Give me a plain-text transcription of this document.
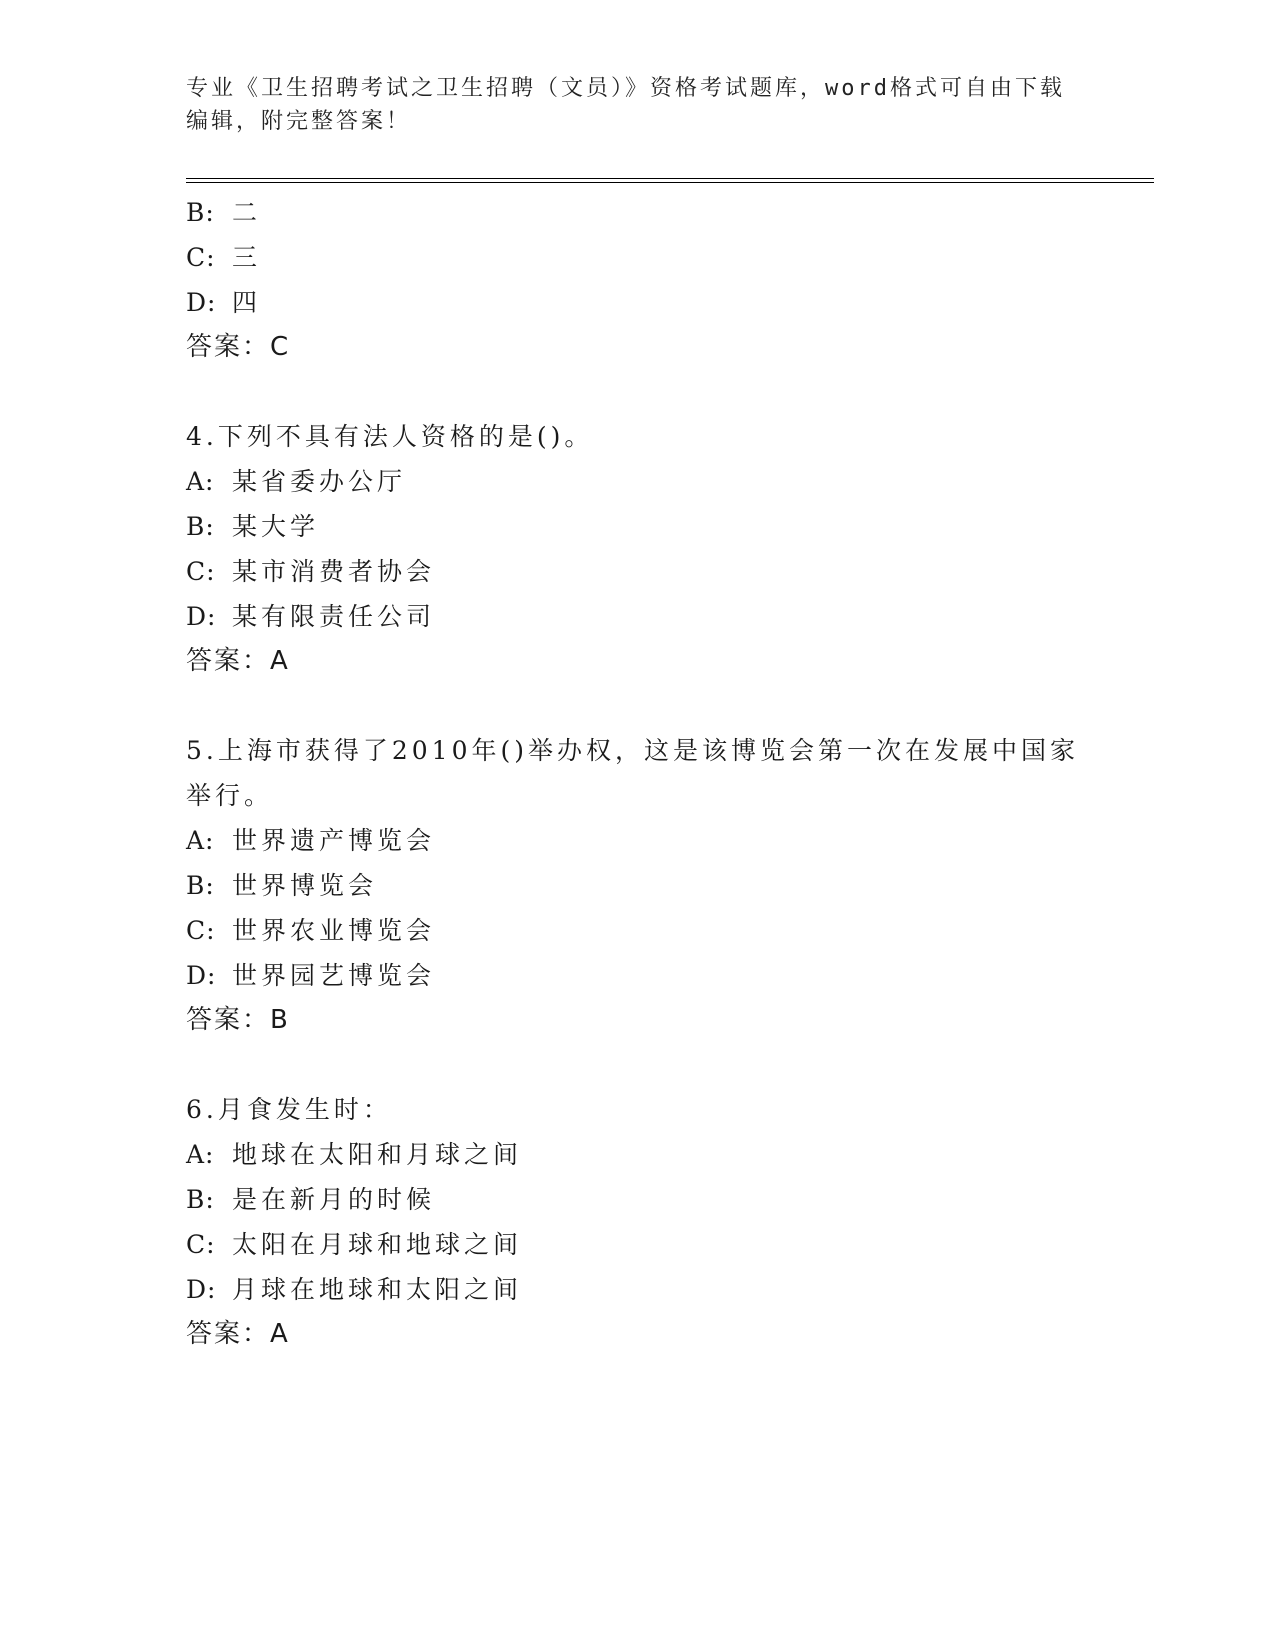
专业《卫生招聘考试之卫生招聘（文员）》资格考试题库，word格式可自由下载编辑，附完整答案！
B: 二
C: 三
D: 四
答案：C
4.下列不具有法人资格的是()。
A: 某省委办公厅
B: 某大学
C: 某市消费者协会
D: 某有限责任公司
答案：A
5.上海市获得了2010年()举办权，这是该博览会第一次在发展中国家举行。
A: 世界遗产博览会
B: 世界博览会
C: 世界农业博览会
D: 世界园艺博览会
答案：B
6.月食发生时：
A: 地球在太阳和月球之间
B: 是在新月的时候
C: 太阳在月球和地球之间
D: 月球在地球和太阳之间
答案：A
